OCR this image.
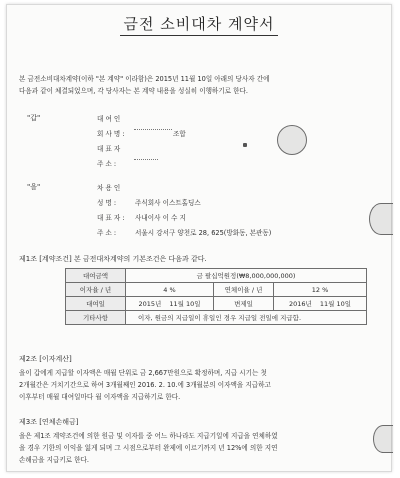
금전 소비대차 계약서
본 금전소비대차계약(이하 "본 계약" 이라함)은 2015년 11월 10일 아래의 당사자 간에
다음과 같이 체결되었으며, 각 당사자는 본 계약 내용을 성실히 이행하기로 한다.
"갑"	대 여 인
회 사 명 :	조합
대 표 자
주 소 :
"을"	차 용 인
성 명 :	주식회사 이스트홀딩스
대 표 자 : 사내이사 이 수 지
주 소 :	서울시 강서구 양천로 28, 625(방화동, 본관동)
제1조 [계약조건] 본 금전대차계약의 기본조건은 다음과 같다.
대여금액	금 팔십억원정(₩8,000,000,000)		
이자율 / 년	4 %	연체이율 / 년	12 %
대여일	2015년 11월 10일	변제일	2016년 11월 10일
기타사항	이자, 원금의 지급일이 휴일인 경우 지급일 전일에 지급함.		
제2조 [이자계산]
을이 갑에게 지급할 이자액은 매월 단위로 금 2,667만원으로 확정하며, 지급 시기는 첫
2개월간은 거치기간으로 하여 3개월째인 2016. 2. 10.에 3개월분의 이자액을 지급하고
이후부터 매월 대여일마다 월 이자액을 지급하기로 한다.
제3조 [연체손해금]
을은 제1조 계약조건에 의한 원금 및 이자를 중 어느 하나라도 지급기일에 지급을 연체하였
을 경우 기한의 이익을 잃게 되며 그 시점으로부터 완제에 이르기까지 년 12%에 의한 지연
손해금을 지급키로 한다.
